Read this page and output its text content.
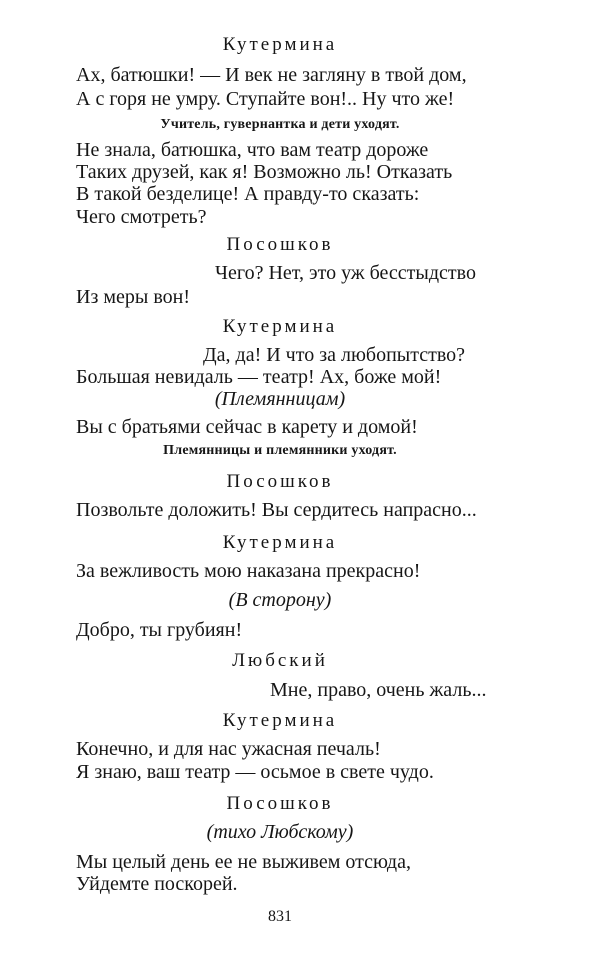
Кутермина
Ах, батюшки! — И век не загляну в твой дом,
А с горя не умру. Ступайте вон!.. Ну что же!
Учитель, гувернантка и дети уходят.
Не знала, батюшка, что вам театр дороже
Таких друзей, как я! Возможно ль! Отказать
В такой безделице! А правду-то сказать:
Чего смотреть?
Посошков
Чего? Нет, это уж бесстыдство
Из меры вон!
Кутермина
Да, да! И что за любопытство?
Большая невидаль — театр! Ах, боже мой!
(Племянницам)
Вы с братьями сейчас в карету и домой!
Племянницы и племянники уходят.
Посошков
Позвольте доложить! Вы сердитесь напрасно...
Кутермина
За вежливость мою наказана прекрасно!
(В сторону)
Добро, ты грубиян!
Любский
Мне, право, очень жаль...
Кутермина
Конечно, и для нас ужасная печаль!
Я знаю, ваш театр — осьмое в свете чудо.
Посошков
(тихо Любскому)
Мы целый день ее не выживем отсюда,
Уйдемте поскорей.
831
